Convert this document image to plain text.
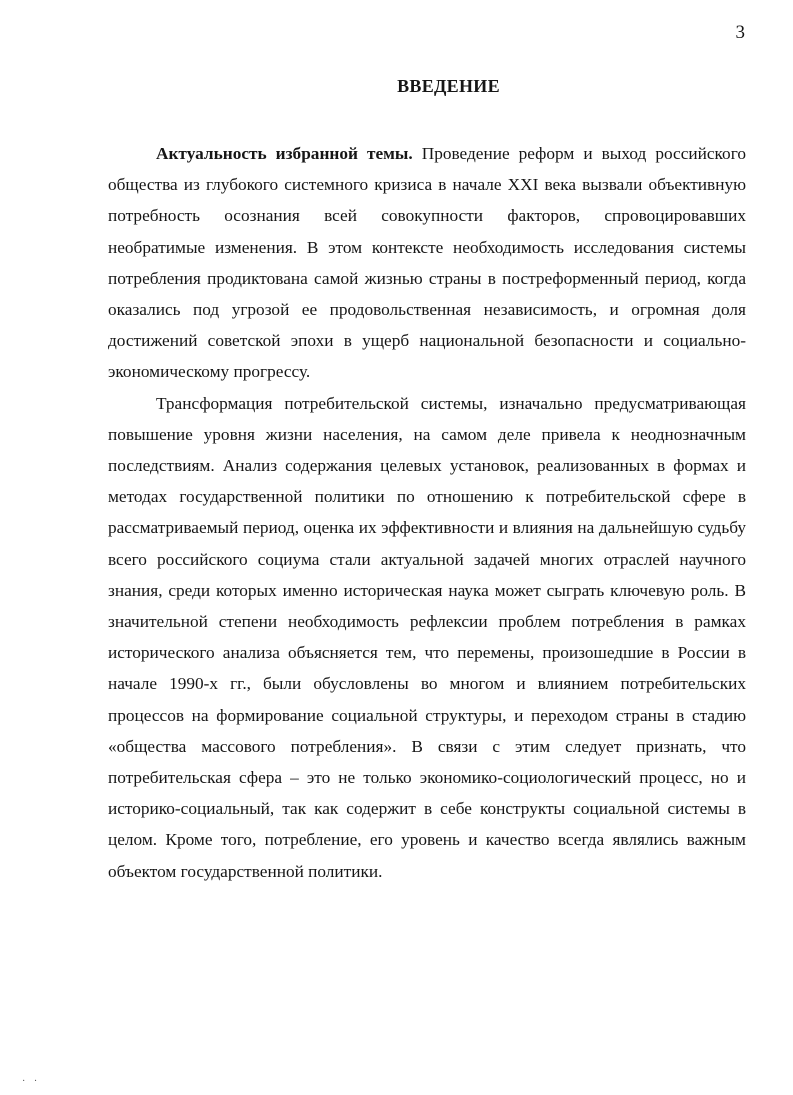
3
ВВЕДЕНИЕ

Актуальность избранной темы. Проведение реформ и выход российского общества из глубокого системного кризиса в начале XXI века вызвали объективную потребность осознания всей совокупности факторов, спровоцировавших необратимые изменения. В этом контексте необходимость исследования системы потребления продиктована самой жизнью страны в постреформенный период, когда оказались под угрозой ее продовольственная независимость, и огромная доля достижений советской эпохи в ущерб национальной безопасности и социально-экономическому прогрессу.

Трансформация потребительской системы, изначально предусматривающая повышение уровня жизни населения, на самом деле привела к неоднозначным последствиям. Анализ содержания целевых установок, реализованных в формах и методах государственной политики по отношению к потребительской сфере в рассматриваемый период, оценка их эффективности и влияния на дальнейшую судьбу всего российского социума стали актуальной задачей многих отраслей научного знания, среди которых именно историческая наука может сыграть ключевую роль. В значительной степени необходимость рефлексии проблем потребления в рамках исторического анализа объясняется тем, что перемены, произошедшие в России в начале 1990-х гг., были обусловлены во многом и влиянием потребительских процессов на формирование социальной структуры, и переходом страны в стадию «общества массового потребления». В связи с этим следует признать, что потребительская сфера – это не только экономико-социологический процесс, но и историко-социальный, так как содержит в себе конструкты социальной системы в целом. Кроме того, потребление, его уровень и качество всегда являлись важным объектом государственной политики.

· ·
